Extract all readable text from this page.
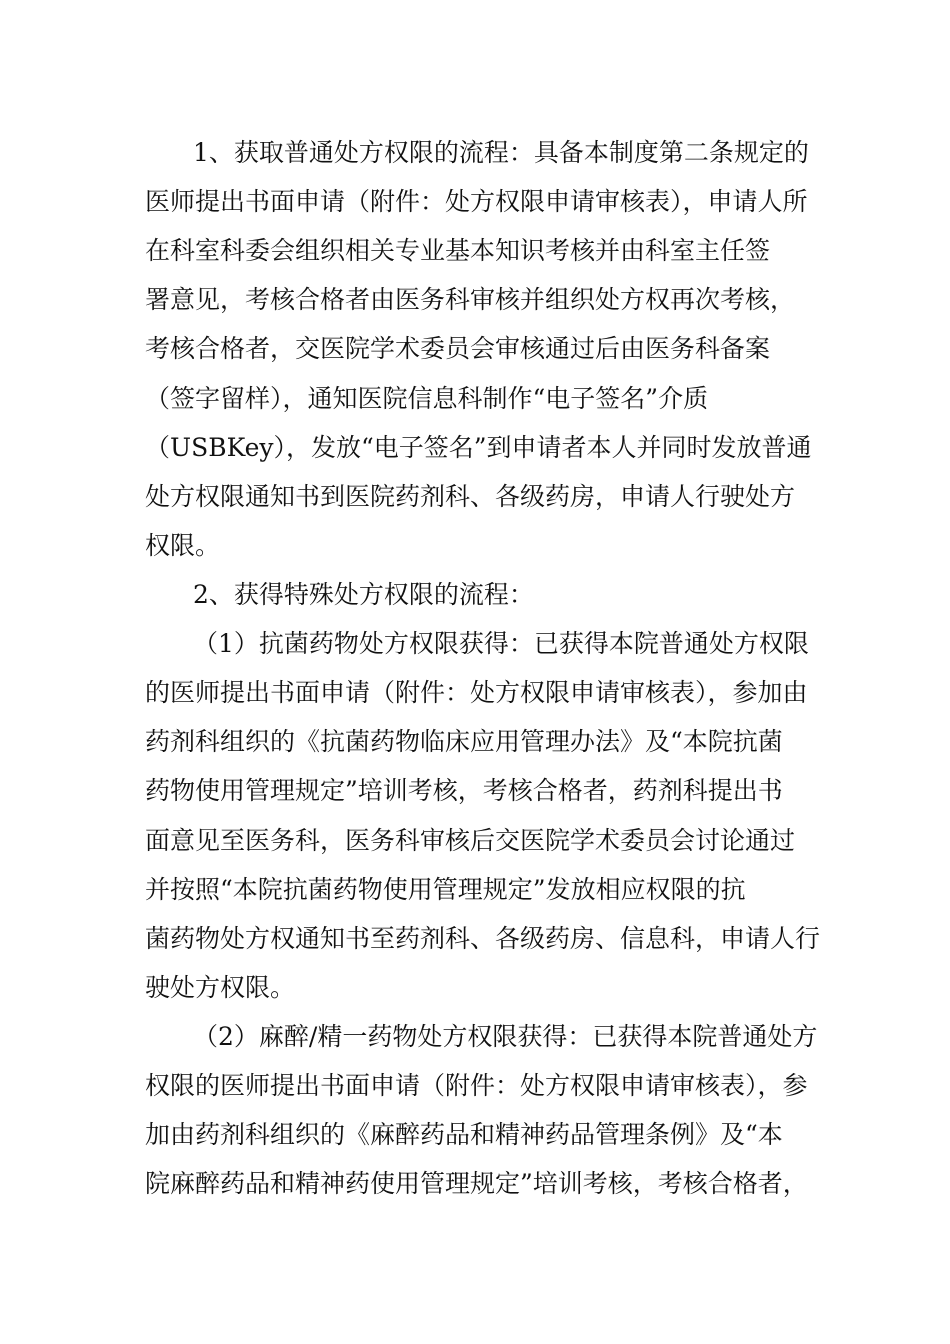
1、获取普通处方权限的流程：具备本制度第二条规定的
医师提出书面申请（附件：处方权限申请审核表），申请人所
在科室科委会组织相关专业基本知识考核并由科室主任签
署意见，考核合格者由医务科审核并组织处方权再次考核，
考核合格者，交医院学术委员会审核通过后由医务科备案
（签字留样），通知医院信息科制作“电子签名”介质
（USBKey），发放“电子签名”到申请者本人并同时发放普通
处方权限通知书到医院药剂科、各级药房，申请人行驶处方
权限。
2、获得特殊处方权限的流程：
（1）抗菌药物处方权限获得：已获得本院普通处方权限
的医师提出书面申请（附件：处方权限申请审核表），参加由
药剂科组织的《抗菌药物临床应用管理办法》及“本院抗菌
药物使用管理规定”培训考核，考核合格者，药剂科提出书
面意见至医务科，医务科审核后交医院学术委员会讨论通过
并按照“本院抗菌药物使用管理规定”发放相应权限的抗
菌药物处方权通知书至药剂科、各级药房、信息科，申请人行
驶处方权限。
（2）麻醉/精一药物处方权限获得：已获得本院普通处方
权限的医师提出书面申请（附件：处方权限申请审核表），参
加由药剂科组织的《麻醉药品和精神药品管理条例》及“本
院麻醉药品和精神药使用管理规定”培训考核，考核合格者，
